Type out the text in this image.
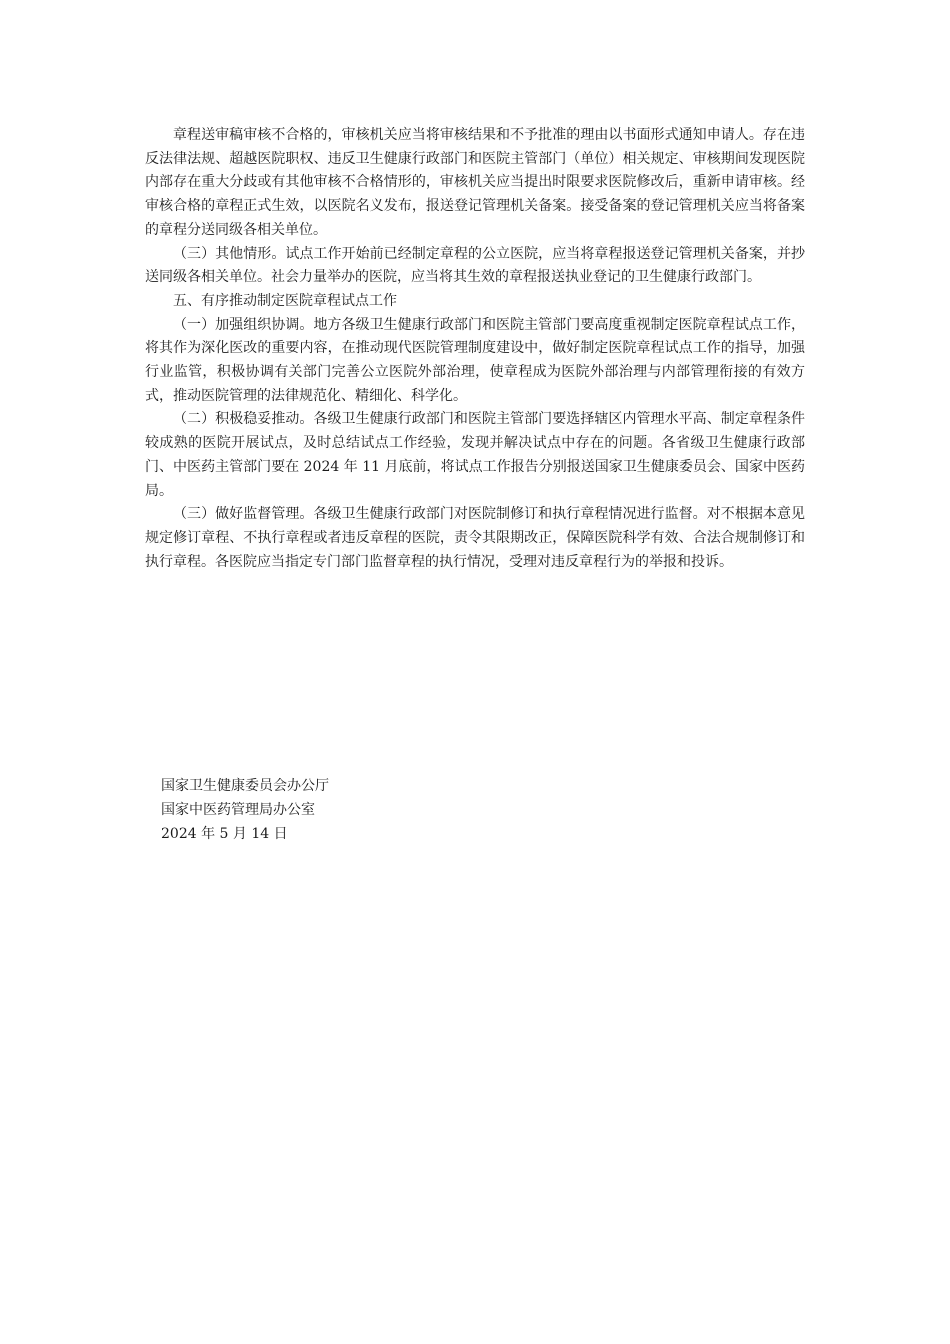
章程送审稿审核不合格的，审核机关应当将审核结果和不予批准的理由以书面形式通知申请人。存在违反法律法规、超越医院职权、违反卫生健康行政部门和医院主管部门（单位）相关规定、审核期间发现医院内部存在重大分歧或有其他审核不合格情形的，审核机关应当提出时限要求医院修改后，重新申请审核。经审核合格的章程正式生效，以医院名义发布，报送登记管理机关备案。接受备案的登记管理机关应当将备案的章程分送同级各相关单位。

（三）其他情形。试点工作开始前已经制定章程的公立医院，应当将章程报送登记管理机关备案，并抄送同级各相关单位。社会力量举办的医院，应当将其生效的章程报送执业登记的卫生健康行政部门。

五、有序推动制定医院章程试点工作

（一）加强组织协调。地方各级卫生健康行政部门和医院主管部门要高度重视制定医院章程试点工作，将其作为深化医改的重要内容，在推动现代医院管理制度建设中，做好制定医院章程试点工作的指导，加强行业监管，积极协调有关部门完善公立医院外部治理，使章程成为医院外部治理与内部管理衔接的有效方式，推动医院管理的法律规范化、精细化、科学化。

（二）积极稳妥推动。各级卫生健康行政部门和医院主管部门要选择辖区内管理水平高、制定章程条件较成熟的医院开展试点，及时总结试点工作经验，发现并解决试点中存在的问题。各省级卫生健康行政部门、中医药主管部门要在 2024 年 11 月底前，将试点工作报告分别报送国家卫生健康委员会、国家中医药局。

（三）做好监督管理。各级卫生健康行政部门对医院制修订和执行章程情况进行监督。对不根据本意见规定修订章程、不执行章程或者违反章程的医院，责令其限期改正，保障医院科学有效、合法合规制修订和执行章程。各医院应当指定专门部门监督章程的执行情况，受理对违反章程行为的举报和投诉。

国家卫生健康委员会办公厅
国家中医药管理局办公室
2024 年 5 月 14 日
